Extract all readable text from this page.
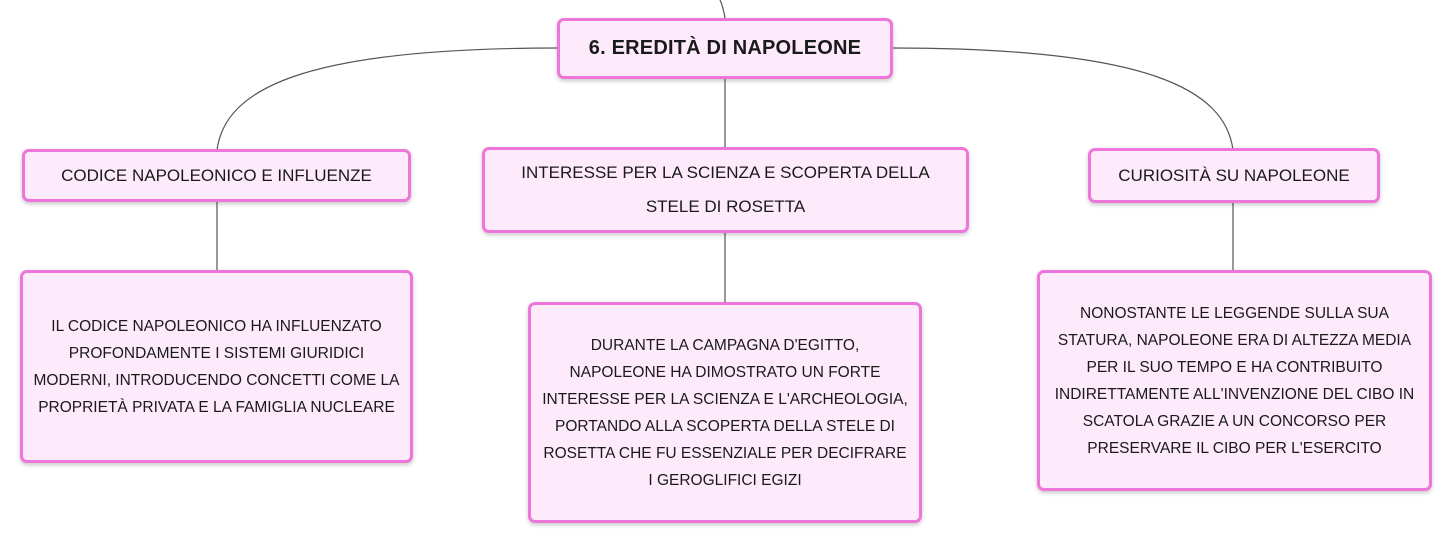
6. EREDITÀ DI NAPOLEONE
CODICE NAPOLEONICO E INFLUENZE	INTERESSE PER LA SCIENZA E SCOPERTA DELLA STELE DI ROSETTA
CURIOSITÀ SU NAPOLEONE
IL CODICE NAPOLEONICO HA INFLUENZATO PROFONDAMENTE I SISTEMI GIURIDICI MODERNI, INTRODUCENDO CONCETTI COME LA PROPRIETÀ PRIVATA E LA FAMIGLIA NUCLEARE
DURANTE LA CAMPAGNA D'EGITTO, NAPOLEONE HA DIMOSTRATO UN FORTE INTERESSE PER LA SCIENZA E L'ARCHEOLOGIA, PORTANDO ALLA SCOPERTA DELLA STELE DI ROSETTA CHE FU ESSENZIALE PER DECIFRARE I GEROGLIFICI EGIZI
NONOSTANTE LE LEGGENDE SULLA SUA STATURA, NAPOLEONE ERA DI ALTEZZA MEDIA PER IL SUO TEMPO E HA CONTRIBUITO INDIRETTAMENTE ALL'INVENZIONE DEL CIBO IN SCATOLA GRAZIE A UN CONCORSO PER PRESERVARE IL CIBO PER L'ESERCITO
